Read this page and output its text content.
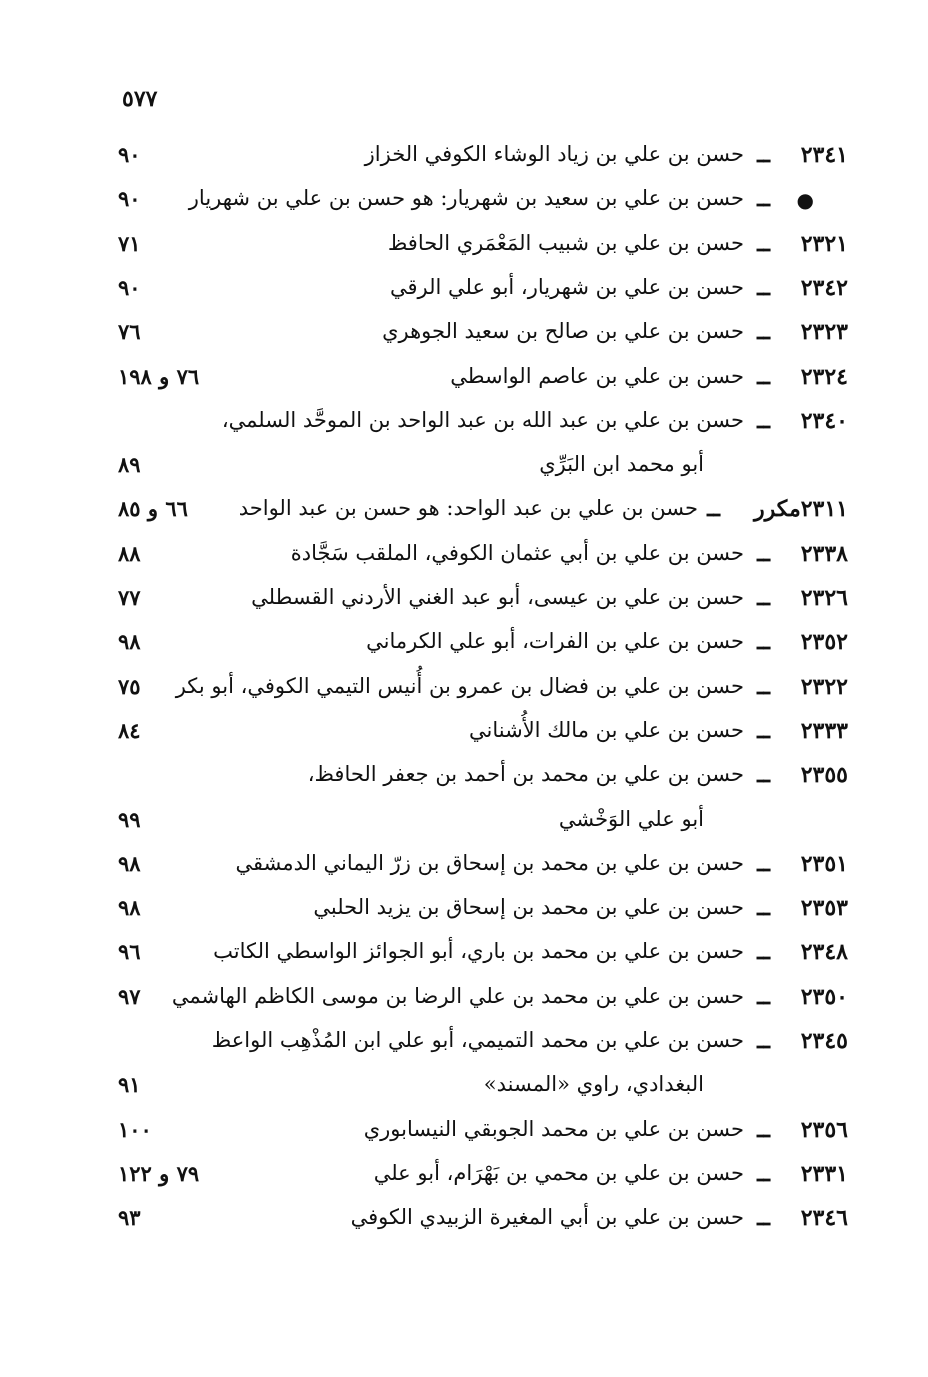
٥٧٧
٢٣٤١
ــ
حسن بن علي بن زياد الوشاء الكوفي الخزاز
٩٠
●
ــ
حسن بن علي بن سعيد بن شهريار: هو حسن بن علي بن شهريار
٩٠
٢٣٢١
ــ
حسن بن علي بن شبيب المَعْمَري الحافظ
٧١
٢٣٤٢
ــ
حسن بن علي بن شهريار، أبو علي الرقي
٩٠
٢٣٢٣
ــ
حسن بن علي بن صالح بن سعيد الجوهري
٧٦
٢٣٢٤
ــ
حسن بن علي بن عاصم الواسطي
٧٦ و ١٩٨
٢٣٤٠
ــ
حسن بن علي بن عبد الله بن عبد الواحد بن الموحَّد السلمي،
أبو محمد ابن البَرِّي
٨٩
٢٣١١مكرر
ــ
حسن بن علي بن عبد الواحد: هو حسن بن عبد الواحد
٦٦ و ٨٥
٢٣٣٨
ــ
حسن بن علي بن أبي عثمان الكوفي، الملقب سَجَّادة
٨٨
٢٣٢٦
ــ
حسن بن علي بن عيسى، أبو عبد الغني الأردني القسطلي
٧٧
٢٣٥٢
ــ
حسن بن علي بن الفرات، أبو علي الكرماني
٩٨
٢٣٢٢
ــ
حسن بن علي بن فضال بن عمرو بن أُنيس التيمي الكوفي، أبو بكر
٧٥
٢٣٣٣
ــ
حسن بن علي بن مالك الأُشناني
٨٤
٢٣٥٥
ــ
حسن بن علي بن محمد بن أحمد بن جعفر الحافظ،
أبو علي الوَخْشي
٩٩
٢٣٥١
ــ
حسن بن علي بن محمد بن إسحاق بن زرّ اليماني الدمشقي
٩٨
٢٣٥٣
ــ
حسن بن علي بن محمد بن إسحاق بن يزيد الحلبي
٩٨
٢٣٤٨
ــ
حسن بن علي بن محمد بن باري، أبو الجوائز الواسطي الكاتب
٩٦
٢٣٥٠
ــ
حسن بن علي بن محمد بن علي الرضا بن موسى الكاظم الهاشمي
٩٧
٢٣٤٥
ــ
حسن بن علي بن محمد التميمي، أبو علي ابن المُذْهِب الواعظ
البغدادي، راوي «المسند»
٩١
٢٣٥٦
ــ
حسن بن علي بن محمد الجوبقي النيسابوري
١٠٠
٢٣٣١
ــ
حسن بن علي بن محمي بن بَهْرَام، أبو علي
٧٩ و ١٢٢
٢٣٤٦
ــ
حسن بن علي بن أبي المغيرة الزبيدي الكوفي
٩٣
